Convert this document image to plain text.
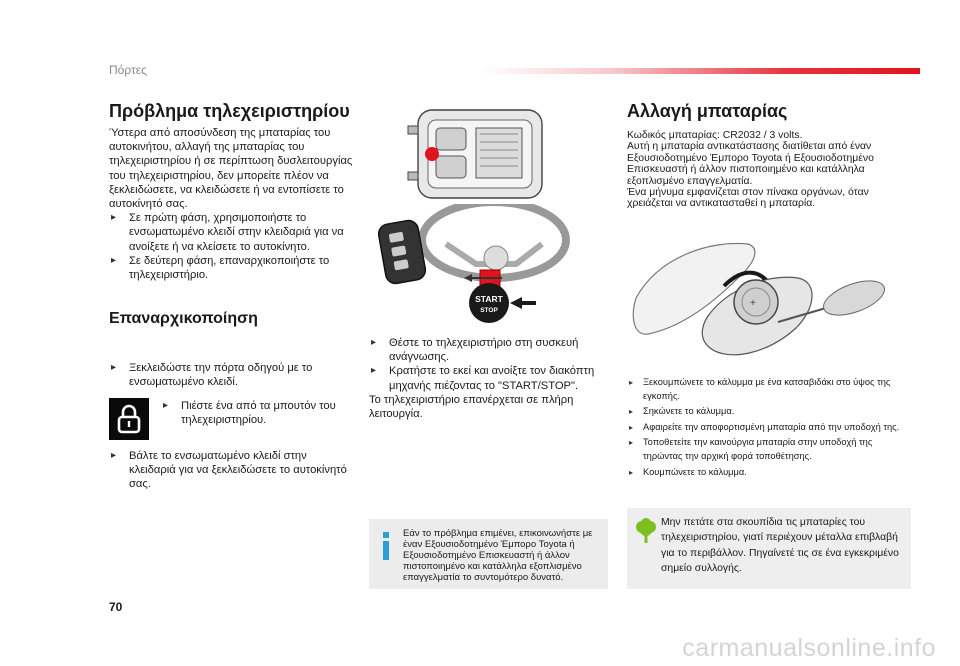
Πόρτες
Πρόβλημα τηλεχειριστηρίου
Ύστερα από αποσύνδεση της μπαταρίας του αυτοκινήτου, αλλαγή της μπαταρίας του τηλεχειριστηρίου ή σε περίπτωση δυσλειτουργίας του τηλεχειριστηρίου, δεν μπορείτε πλέον να ξεκλειδώσετε, να κλειδώσετε ή να εντοπίσετε το αυτοκίνητό σας.
▸ Σε πρώτη φάση, χρησιμοποιήστε το ενσωματωμένο κλειδί στην κλειδαριά για να ανοίξετε ή να κλείσετε το αυτοκίνητο.
▸ Σε δεύτερη φάση, επαναρχικοποιήστε το τηλεχειριστήριο.
Επαναρχικοποίηση
▸ Ξεκλειδώστε την πόρτα οδηγού με το ενσωματωμένο κλειδί.
▸ Πιέστε ένα από τα μπουτόν του τηλεχειριστηρίου.
▸ Βάλτε το ενσωματωμένο κλειδί στην κλειδαριά για να ξεκλειδώσετε το αυτοκίνητό σας.
START
STOP
▸ Θέστε το τηλεχειριστήριο στη συσκευή ανάγνωσης.
▸ Κρατήστε το εκεί και ανοίξτε τον διακόπτη μηχανής πιέζοντας το "START/STOP".
Το τηλεχειριστήριο επανέρχεται σε πλήρη λειτουργία.
Εάν το πρόβλημα επιμένει, επικοινωνήστε με έναν Εξουσιοδοτημένο Έμπορο Toyota ή Εξουσιοδοτημένο Επισκευαστή ή άλλον πιστοποιημένο και κατάλληλα εξοπλισμένο επαγγελματία το συντομότερο δυνατό.
Αλλαγή μπαταρίας
Κωδικός μπαταρίας: CR2032 / 3 volts.
Αυτή η μπαταρία αντικατάστασης διατίθεται από έναν Εξουσιοδοτημένο Έμπορο Toyota ή Εξουσιοδοτημένο Επισκευαστή ή άλλον πιστοποιημένο και κατάλληλα εξοπλισμένο επαγγελματία.
Ένα μήνυμα εμφανίζεται στον πίνακα οργάνων, όταν χρειάζεται να αντικατασταθεί η μπαταρία.
+
▸ Ξεκουμπώνετε το κάλυμμα με ένα κατσαβιδάκι στο ύψος της εγκοπής.
▸ Σηκώνετε το κάλυμμα.
▸ Αφαιρείτε την αποφορτισμένη μπαταρία από την υποδοχή της.
▸ Τοποθετείτε την καινούργια μπαταρία στην υποδοχή της τηρώντας την αρχική φορά τοποθέτησης.
▸ Κουμπώνετε το κάλυμμα.
Μην πετάτε στα σκουπίδια τις μπαταρίες του τηλεχειριστηρίου, γιατί περιέχουν μέταλλα επιβλαβή για το περιβάλλον. Πηγαίνετέ τις σε ένα εγκεκριμένο σημείο συλλογής.
70
carmanualsonline.info
